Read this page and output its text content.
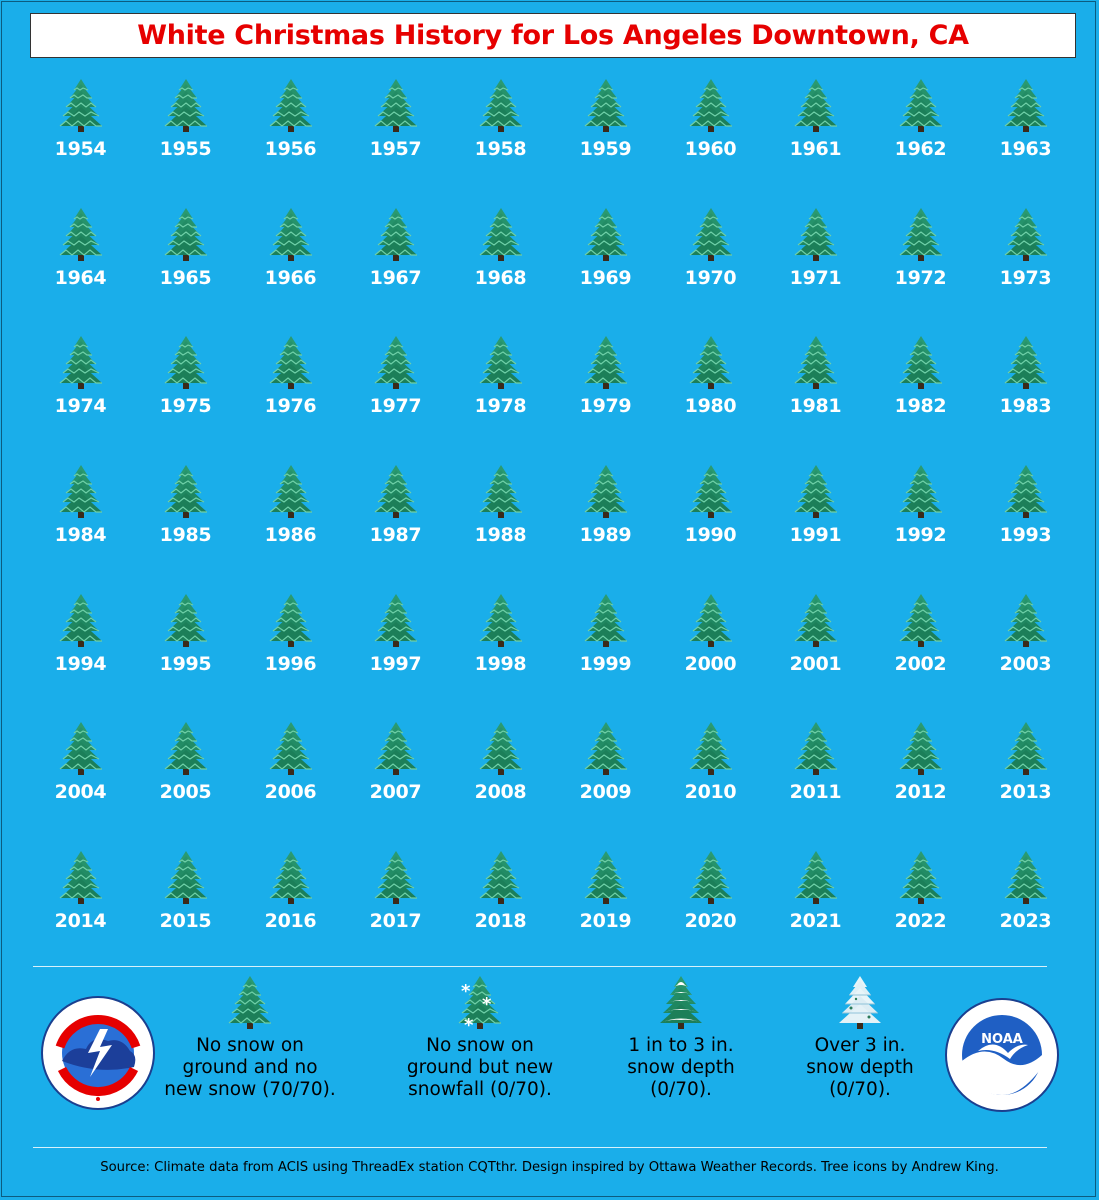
White Christmas History for Los Angeles Downtown, CA
1954	1955	1956	1957	1958	1959	1960	1961	1962	1963
1964	1965	1966	1967	1968	1969	1970	1971	1972	1973
1974	1975	1976	1977	1978	1979	1980	1981	1982	1983
1984	1985	1986	1987	1988	1989	1990	1991	1992	1993
1994	1995	1996	1997	1998	1999	2000	2001	2002	2003
2004	2005	2006	2007	2008	2009	2010	2011	2012	2013
2014	2015	2016	2017	2018	2019	2020	2021	2022	2023
No snow on
ground and no
new snow (70/70).
*
*
*
No snow on
ground but new
snowfall (0/70).
1 in to 3 in.
snow depth
(0/70).
Over 3 in.
snow depth
(0/70).
NOAA
Source: Climate data from ACIS using ThreadEx station CQTthr. Design inspired by Ottawa Weather Records. Tree icons by Andrew King.
